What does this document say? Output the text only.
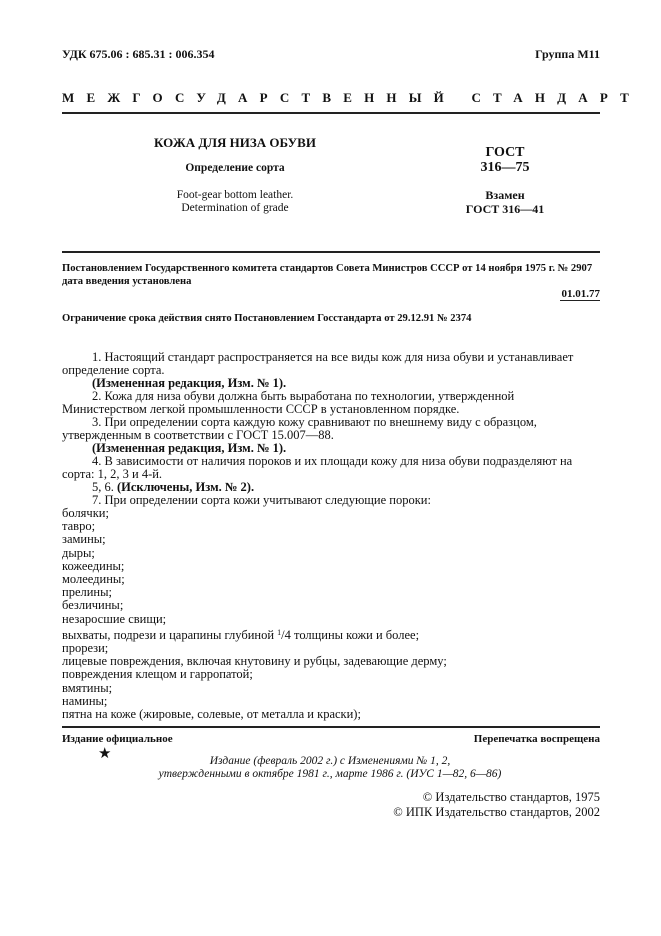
УДК 675.06 : 685.31 : 006.354	Группа М11
МЕЖГОСУДАРСТВЕННЫЙ СТАНДАРТ
КОЖА ДЛЯ НИЗА ОБУВИ
Определение сорта
Foot-gear bottom leather.
Determination of grade
ГОСТ
316—75
Взамен
ГОСТ 316—41
Постановлением Государственного комитета стандартов Совета Министров СССР от 14 ноября 1975 г. № 2907
дата введения установлена
01.01.77
Ограничение срока действия снято Постановлением Госстандарта от 29.12.91 № 2374
1. Настоящий стандарт распространяется на все виды кож для низа обуви и устанавливает определение сорта.
(Измененная редакция, Изм. № 1).
2. Кожа для низа обуви должна быть выработана по технологии, утвержденной Министерством легкой промышленности СССР в установленном порядке.
3. При определении сорта каждую кожу сравнивают по внешнему виду с образцом, утвержденным в соответствии с ГОСТ 15.007—88.
(Измененная редакция, Изм. № 1).
4. В зависимости от наличия пороков и их площади кожу для низа обуви подразделяют на сорта: 1, 2, 3 и 4-й.
5, 6. (Исключены, Изм. № 2).
7. При определении сорта кожи учитывают следующие пороки:
болячки;
тавро;
замины;
дыры;
кожеедины;
молеедины;
прелины;
безличины;
незаросшие свищи;
выхваты, подрези и царапины глубиной $^1$/4 толщины кожи и более;
прорези;
лицевые повреждения, включая кнутовину и рубцы, задевающие дерму;
повреждения клещом и гарропатой;
вмятины;
намины;
пятна на коже (жировые, солевые, от металла и краски);
Издание официальное
★
Перепечатка воспрещена
Издание (февраль 2002 г.) с Изменениями № 1, 2,
утвержденными в октябре 1981 г., марте 1986 г. (ИУС 1—82, 6—86)
© Издательство стандартов, 1975
© ИПК Издательство стандартов, 2002
